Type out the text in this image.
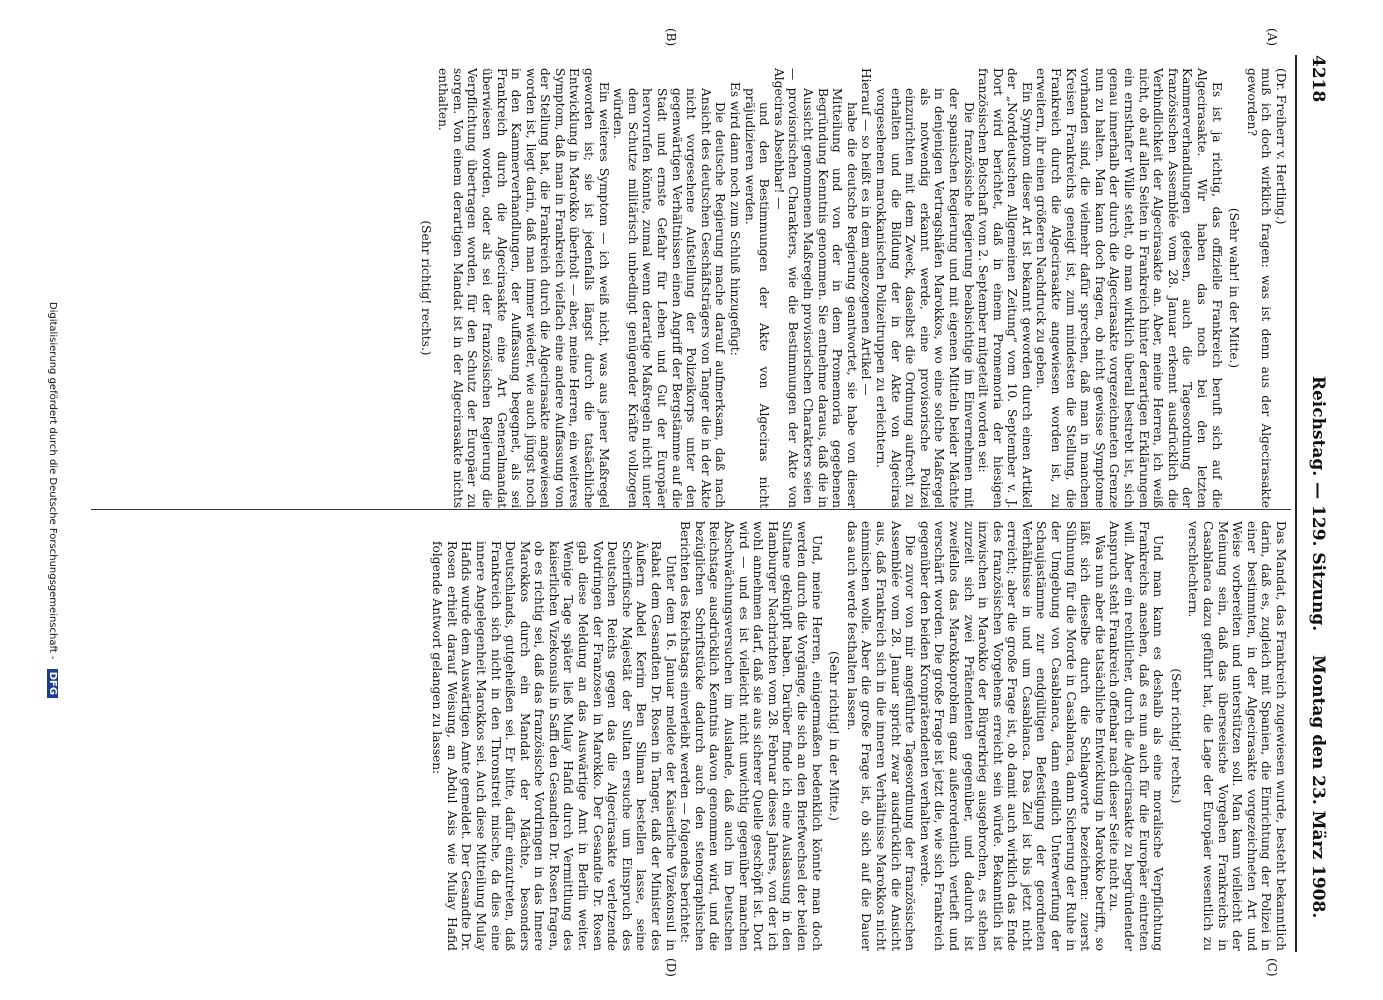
4218
Reichstag. — 129. Sitzung.
Montag den 23. März 1908.
(A)
(B)
(C)
(D)

(Dr. Freiherr v. Hertling.)

muß ich doch wirklich fragen: was ist denn aus der Algecirasakte geworden?

(Sehr wahr! in der Mitte.)

Es ist ja richtig, das offizielle Frankreich beruft sich auf die Algecirasakte. Wir haben das noch bei den letzten Kammerverhandlungen gelesen, auch die Tagesordnung der französischen Assemblée vom 28. Januar erkennt ausdrücklich die Verbindlichkeit der Algecirasakte an. Aber, meine Herren, ich weiß nicht, ob auf allen Seiten in Frankreich hinter derartigen Erklärungen ein ernsthafter Wille steht, ob man wirklich überall bestrebt ist, sich genau innerhalb der durch die Algecirasakte vorgezeichneten Grenze nun zu halten. Man kann doch fragen, ob nicht gewisse Symptome vorhanden sind, die vielmehr dafür sprechen, daß man in manchen Kreisen Frankreichs geneigt ist, zum mindesten die Stellung, die Frankreich durch die Algecirasakte angewiesen worden ist, zu erweitern, ihr einen größeren Nachdruck zu geben.

Ein Symptom dieser Art ist bekannt geworden durch einen Artikel der „Norddeutschen Allgemeinen Zeitung“ vom 10. September v. J. Dort wird berichtet, daß in einem Promemoria der hiesigen französischen Botschaft vom 2. September mitgeteilt worden sei:

Die französische Regierung beabsichtige im Einvernehmen mit der spanischen Regierung und mit eigenen Mitteln beider Mächte in denjenigen Vertragshäfen Marokkos, wo eine solche Maßregel als notwendig erkannt werde, eine provisorische Polizei einzurichten mit dem Zweck, daselbst die Ordnung aufrecht zu erhalten und die Bildung der in der Akte von Algeciras vorgesehenen marokkanischen Polizeitruppen zu erleichtern.

Hierauf — so heißt es in dem angezogenen Artikel —

habe die deutsche Regierung geantwortet, sie habe von dieser Mitteilung und von der in dem Promemoria gegebenen Begründung Kenntnis genommen. Sie entnehme daraus, daß die in Aussicht genommenen Maßregeln provisorischen Charakters seien

— provisorischen Charakters, wie die Bestimmungen der Akte von Algeciras Absehbar! —

und den Bestimmungen der Akte von Algeciras nicht präjudizieren werden.

Es wird dann noch zum Schluß hinzugefügt:

Die deutsche Regierung mache darauf aufmerksam, daß nach Ansicht des deutschen Geschäftsträgers von Tanger die in der Akte nicht vorgesehene Aufstellung der Polizeikorps unter den gegenwärtigen Verhältnissen einen Angriff der Bergstämme auf die Stadt und ernste Gefahr für Leben und Gut der Europäer hervorrufen könnte, zumal wenn derartige Maßregeln nicht unter dem Schutze militärisch unbedingt genügender Kräfte vollzogen würden.

Ein weiteres Symptom — ich weiß nicht, was aus jener Maßregel geworden ist; sie ist jedenfalls längst durch die tatsächliche Entwicklung in Marokko überholt — aber, meine Herren, ein weiteres Symptom, daß man in Frankreich vielfach eine andere Auffassung von der Stellung hat, die Frankreich durch die Algecirasakte angewiesen worden ist, liegt darin, daß man immer wieder, wie auch jüngst noch in den Kammerverhandlungen, der Auffassung begegnet, als sei Frankreich durch die Algecirasakte eine Art Generalmandat überwiesen worden, oder als sei der französischen Regierung die Verpflichtung übertragen worden, für den Schutz der Europäer zu sorgen. Von einem derartigen Mandat ist in der Algecirasakte nichts enthalten.

(Sehr richtig! rechts.)

Das Mandat, das Frankreich zugewiesen wurde, besteht bekanntlich darin, daß es, zugleich mit Spanien, die Einrichtung der Polizei in einer bestimmten, in der Algecirasakte vorgezeichneten Art und Weise vorbereiten und unterstützen soll. Man kann vielleicht der Meinung sein, daß das überseeische Vorgehen Frankreichs in Casablanca dazu geführt hat, die Lage der Europäer wesentlich zu verschlechtern.

(Sehr richtig! rechts.)

Und man kann es deshalb als eine moralische Verpflichtung Frankreichs ansehen, daß es nun auch für die Europäer eintreten will. Aber ein rechtlicher, durch die Algecirasakte zu begründender Anspruch steht Frankreich offenbar nach dieser Seite nicht zu.

Was nun aber die tatsächliche Entwicklung in Marokko betrifft, so läßt sich dieselbe durch die Schlagworte bezeichnen: zuerst Sühnung für die Morde in Casablanca, dann Sicherung der Ruhe in der Umgebung von Casablanca, dann endlich Unterwerfung der Schaujastämme zur endgültigen Befestigung der geordneten Verhältnisse in und um Casablanca. Das Ziel ist bis jetzt nicht erreicht; aber die große Frage ist, ob damit auch wirklich das Ende des französischen Vorgehens erreicht sein würde. Bekanntlich ist inzwischen in Marokko der Bürgerkrieg ausgebrochen, es stehen zurzeit sich zwei Prätendenten gegenüber, und dadurch ist zweifellos das Marokkoproblem ganz außerordentlich vertieft und verschärft worden. Die große Frage ist jetzt die, wie sich Frankreich gegenüber den beiden Kronprätendenten verhalten werde.

Die zuvor von mir angeführte Tagesordnung der französischen Assemblée vom 28. Januar spricht zwar ausdrücklich die Ansicht aus, daß Frankreich sich in die inneren Verhältnisse Marokkos nicht einmischen wolle. Aber die große Frage ist, ob sich auf die Dauer das auch werde festhalten lassen.

(Sehr richtig! in der Mitte.)

Und, meine Herren, einigermaßen bedenklich könnte man doch werden durch die Vorgänge, die sich an den Briefwechsel der beiden Sultane geknüpft haben. Darüber finde ich eine Auslassung in den Hamburger Nachrichten vom 28. Februar dieses Jahres, von der ich wohl annehmen darf, daß sie aus sicherer Quelle geschöpft ist. Dort wird — und es ist vielleicht nicht unwichtig gegenüber manchen Abschwächungsversuchen im Auslande, daß auch im Deutschen Reichstage ausdrücklich Kenntnis davon genommen wird, und die bezüglichen Schriftstücke dadurch auch den stenographischen Berichten des Reichstags einverleibt werden — folgendes berichtet:

Unter dem 16. Januar meldete der Kaiserliche Vizekonsul in Rabat dem Gesandten Dr. Rosen in Tanger, daß der Minister des Äußern Abdel Kerim Ben Sliman bestellen lasse, seine Scherifische Majestät der Sultan ersuche um Einspruch des Deutschen Reichs gegen das die Algecirasakte verletzende Vordringen der Franzosen in Marokko. Der Gesandte Dr. Rosen gab diese Meldung an das Auswärtige Amt in Berlin weiter. Wenige Tage später ließ Mulay Hafid durch Vermittlung des kaiserlichen Vizekonsuls in Saffi den Gesandten Dr. Rosen fragen, ob es richtig sei, daß das französische Vordringen in das Innere Marokkos durch ein Mandat der Mächte, besonders Deutschlands, gutgeheißen sei. Er bitte, dafür einzutreten, daß Frankreich sich nicht in den Thronstreit mische, da dies eine innere Angelegenheit Marokkos sei. Auch diese Mitteilung Mulay Hafids wurde dem Auswärtigen Amte gemeldet. Der Gesandte Dr. Rosen erhielt darauf Weisung, an Abdul Asis wie Mulay Hafid folgende Antwort gelangen zu lassen:

Digitalisierung gefördert durch die Deutsche Forschungsgemeinschaft - DFG
